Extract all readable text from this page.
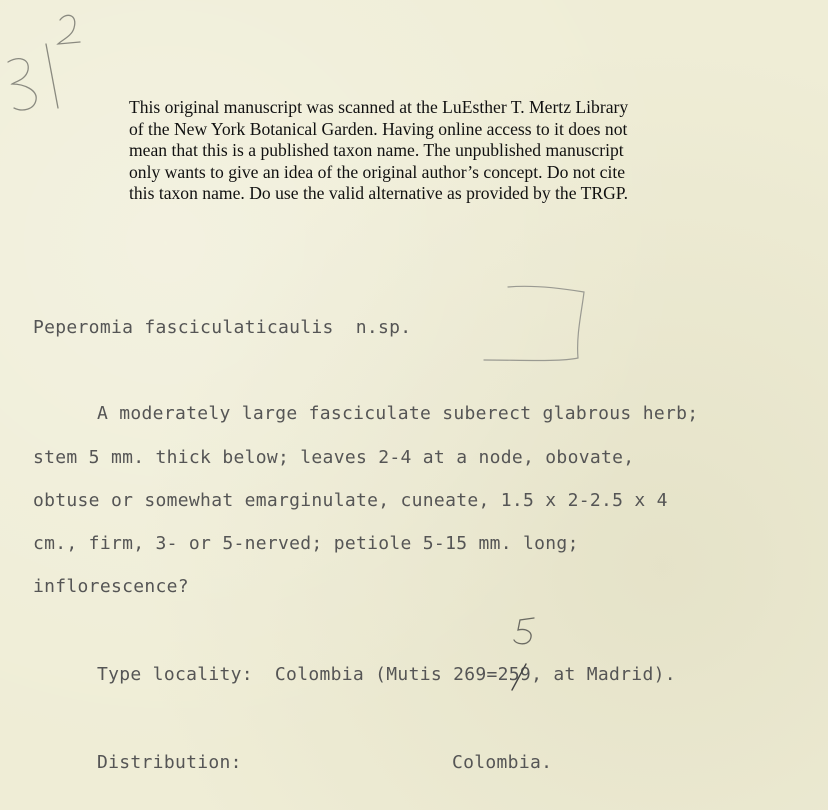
This original manuscript was scanned at the LuEsther T. Mertz Library
of the New York Botanical Garden. Having online access to it does not
mean that this is a published taxon name. The unpublished manuscript
only wants to give an idea of the original author’s concept. Do not cite
this taxon name. Do use the valid alternative as provided by the TRGP.
Peperomia fasciculaticaulis n.sp.
A moderately large fasciculate suberect glabrous herb;
stem 5 mm. thick below; leaves 2-4 at a node, obovate,
obtuse or somewhat emarginulate, cuneate, 1.5 x 2-2.5 x 4
cm., firm, 3- or 5-nerved; petiole 5-15 mm. long;
inflorescence?
Type locality: Colombia (Mutis 269=259, at Madrid).
Distribution:	Colombia.
